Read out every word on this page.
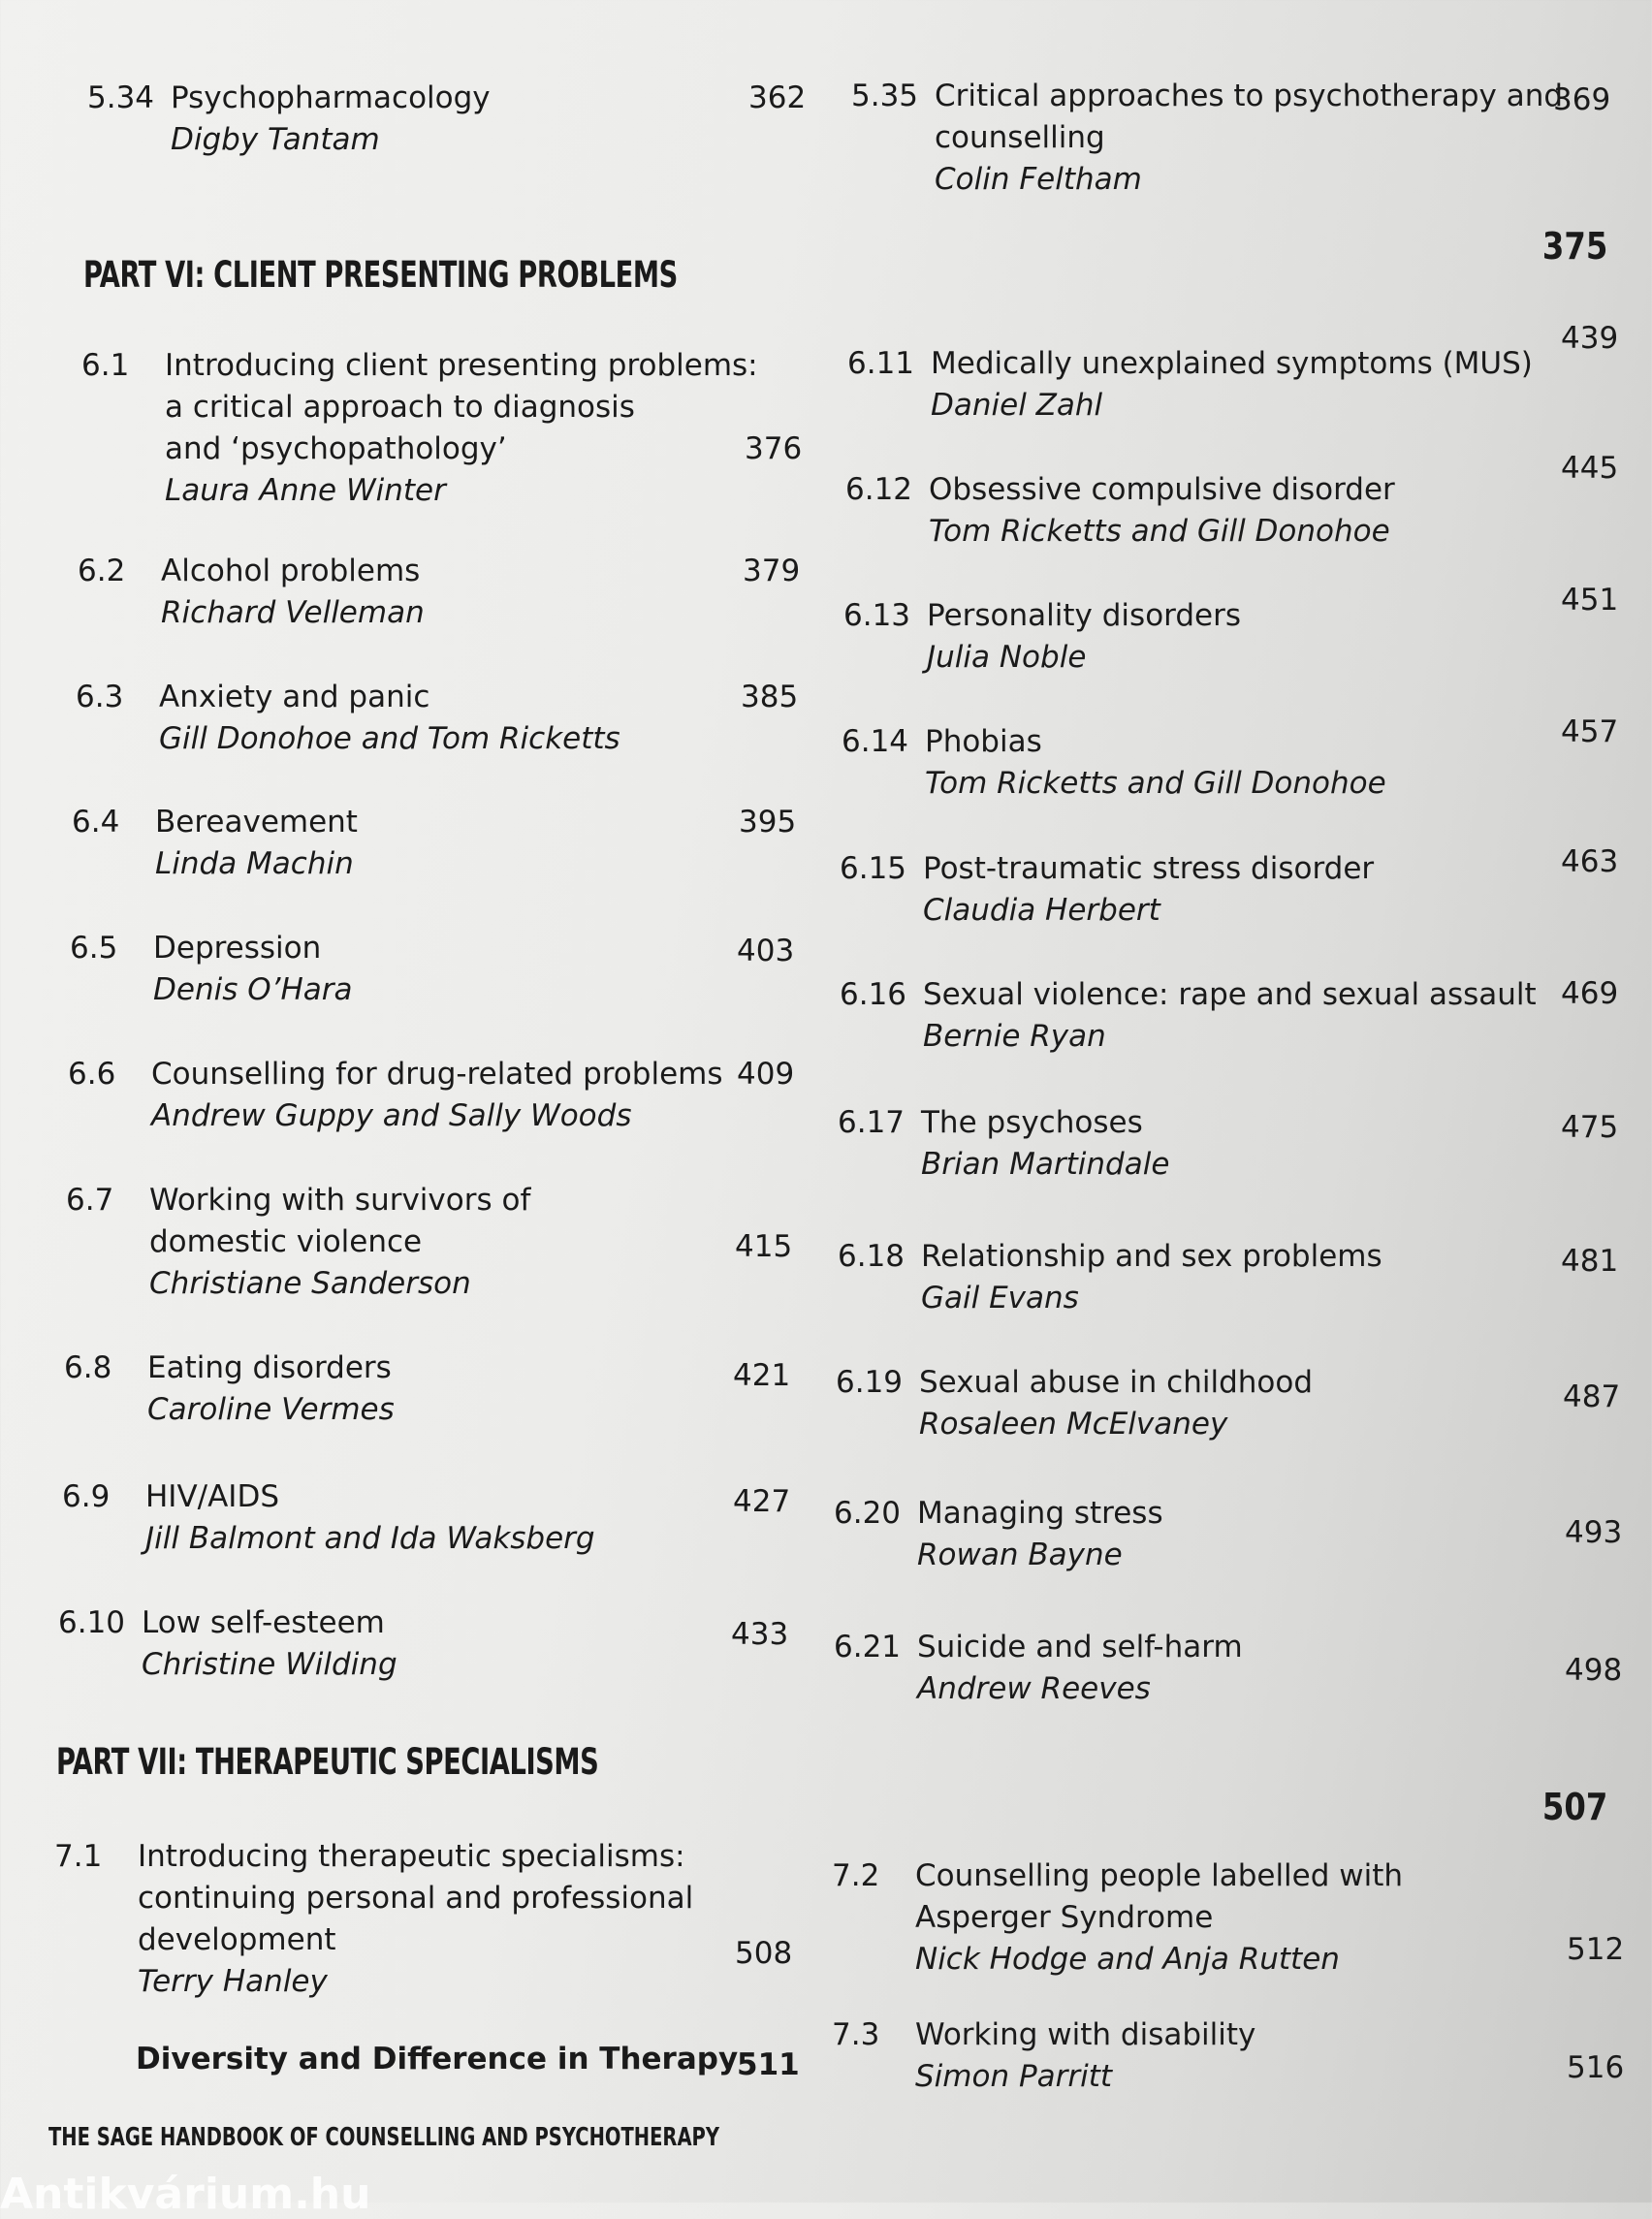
5.34 Psychopharmacology
Digby Tantam
362
6.1 Introducing client presenting problems:
a critical approach to diagnosis
and ‘psychopathology’
Laura Anne Winter
376
6.2 Alcohol problems
Richard Velleman
379
6.3 Anxiety and panic
Gill Donohoe and Tom Ricketts
385
6.4 Bereavement
Linda Machin
395
6.5 Depression
Denis O’Hara
403
6.6 Counselling for drug-related problems
Andrew Guppy and Sally Woods
409
6.7 Working with survivors of
domestic violence
Christiane Sanderson
415
6.8 Eating disorders
Caroline Vermes
421
6.9 HIV/AIDS
Jill Balmont and Ida Waksberg
427
6.10 Low self-esteem
Christine Wilding
433
7.1 Introducing therapeutic specialisms:
continuing personal and professional
development
Terry Hanley
508
5.35 Critical approaches to psychotherapy and
counselling
Colin Feltham
369
6.11 Medically unexplained symptoms (MUS)
Daniel Zahl
439
6.12 Obsessive compulsive disorder
Tom Ricketts and Gill Donohoe
445
6.13 Personality disorders
Julia Noble
451
6.14 Phobias
Tom Ricketts and Gill Donohoe
457
6.15 Post-traumatic stress disorder
Claudia Herbert
463
6.16 Sexual violence: rape and sexual assault
Bernie Ryan
469
6.17 The psychoses
Brian Martindale
475
6.18 Relationship and sex problems
Gail Evans
481
6.19 Sexual abuse in childhood
Rosaleen McElvaney
487
6.20 Managing stress
Rowan Bayne
493
6.21 Suicide and self-harm
Andrew Reeves
498
7.2 Counselling people labelled with
Asperger Syndrome
Nick Hodge and Anja Rutten	512
7.3 Working with disability
Simon Parritt	516
PART VI: CLIENT PRESENTING PROBLEMS
375
PART VII: THERAPEUTIC SPECIALISMS
507
Diversity and Difference in Therapy
511
THE SAGE HANDBOOK OF COUNSELLING AND PSYCHOTHERAPY
Antikvárium.hu
